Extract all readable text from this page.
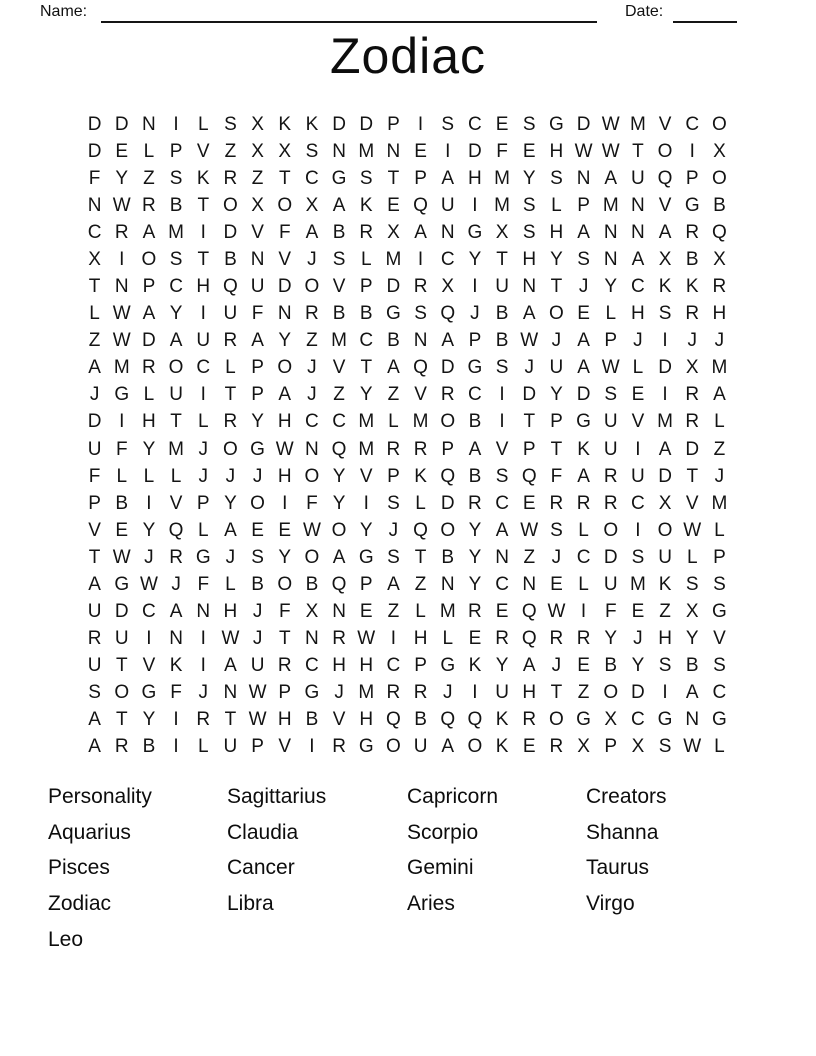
Name:	Date:
Zodiac
D D N I	L S X K K D D P I S C E S G D W M V C O
D E L P V Z X X S N M N E I D F E H W W T O I X
F Y Z S K R Z T C G S T P A H M Y S N A U Q P O
N W R B T O X O X A K E Q U I M S L P M N V G B
C R A M I D V F A B R X A N G X S H A N N A R Q
X I O S T B N V J S L M I C Y T H Y S N A X B X
T N P C H Q U D O V P D R X I U N T J Y C K K R
L W A Y I U F N R B B G S Q J B A O E L H S R H
Z W D A U R A Y Z M C B N A P B W J A P J	I	J J
A M R O C L P O J V T A Q D G S J U A W L D X M
J G L U I T P A J Z Y Z V R C I D Y D S E I R A
D I H T L R Y H C C M L M O B I T P G U V M R L
U F Y M J O G W N Q M R R P A V P T K U I A D Z
F L L L J J J H O Y V P K Q B S Q F A R U D T J
P B I V P Y O I F Y I S L D R C E R R R C X V M
V E Y Q L A E E W O Y J Q O Y A W S L O I O W L
T W J R G J S Y O A G S T B Y N Z J C D S U L P
A G W J F L B O B Q P A Z N Y C N E L U M K S S
U D C A N H J F X N E Z L M R E Q W I F E Z X G
R U I N I W J T N R W I H L E R Q R R Y J H Y V
U T V K I A U R C H H C P G K Y A J E B Y S B S
S O G F J N W P G J M R R J	I U H T Z O D I A C
A T Y I R T W H B V H Q B Q Q K R O G X C G N G
A R B I	L U P V I R G O U A O K E R X P X S W L
Personality
Aquarius
Pisces
Zodiac
Leo
Sagittarius
Claudia
Cancer
Libra
Capricorn
Scorpio
Gemini
Aries
Creators
Shanna
Taurus
Virgo
